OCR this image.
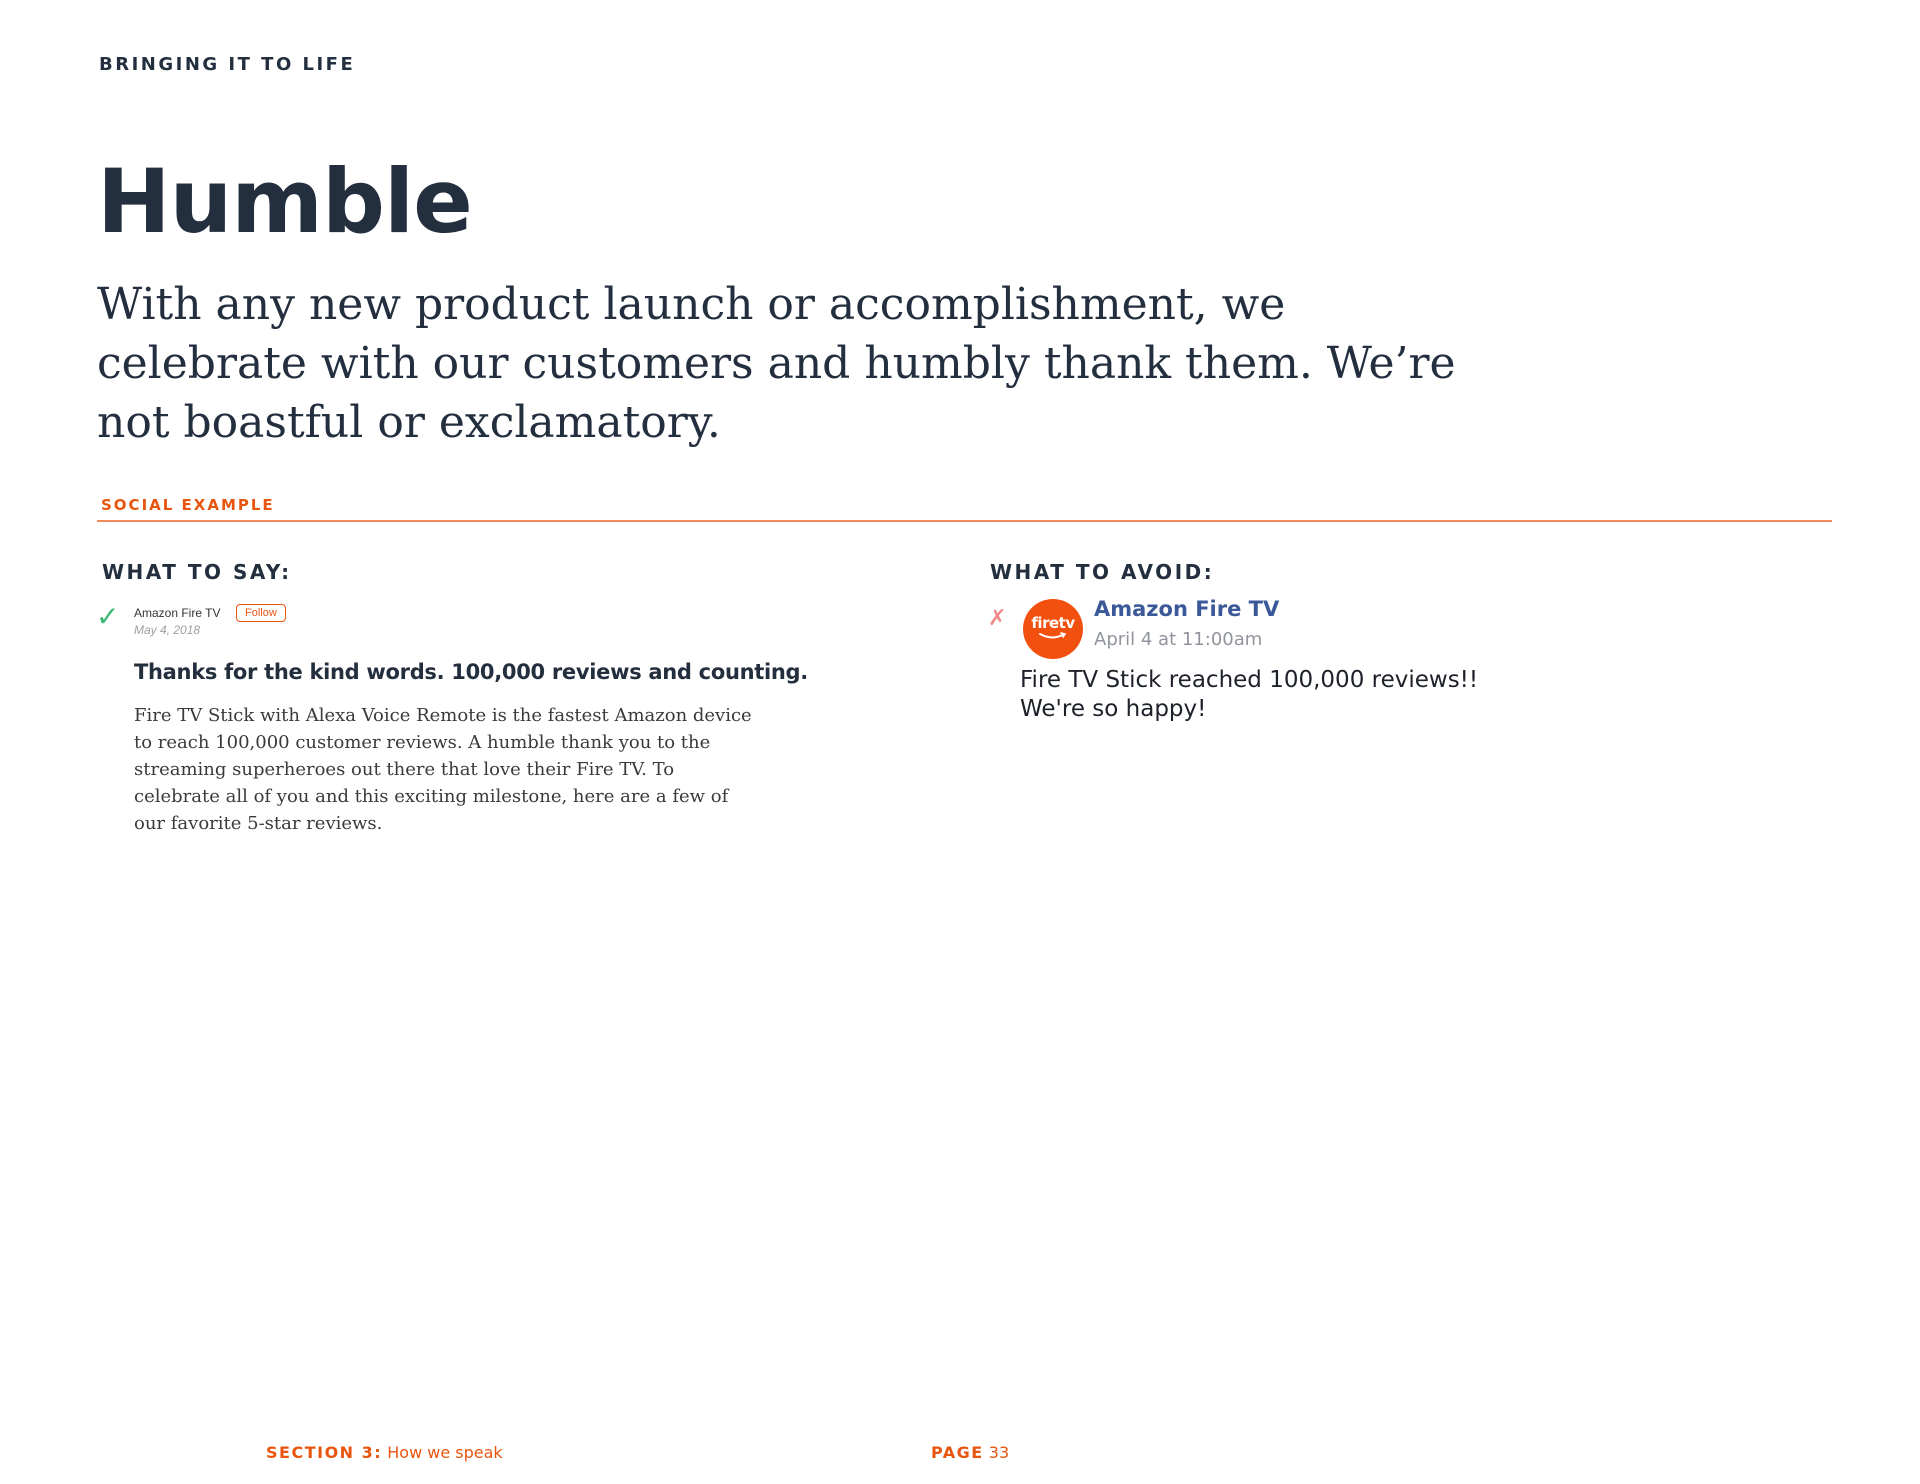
BRINGING IT TO LIFE
Humble

With any new product launch or accomplishment, we celebrate with our customers and humbly thank them. We’re not boastful or exclamatory.

SOCIAL EXAMPLE
WHAT TO SAY:
✓ Amazon Fire TV	Follow
May 4, 2018
Thanks for the kind words. 100,000 reviews and counting.

Fire TV Stick with Alexa Voice Remote is the fastest Amazon device to reach 100,000 customer reviews. A humble thank you to the streaming superheroes out there that love their Fire TV. To celebrate all of you and this exciting milestone, here are a few of our favorite 5-star reviews.

WHAT TO AVOID:
✗ firetv
Amazon Fire TV
April 4 at 11:00am
Fire TV Stick reached 100,000 reviews!!
We're so happy!
SECTION 3: How we speak	PAGE 33
